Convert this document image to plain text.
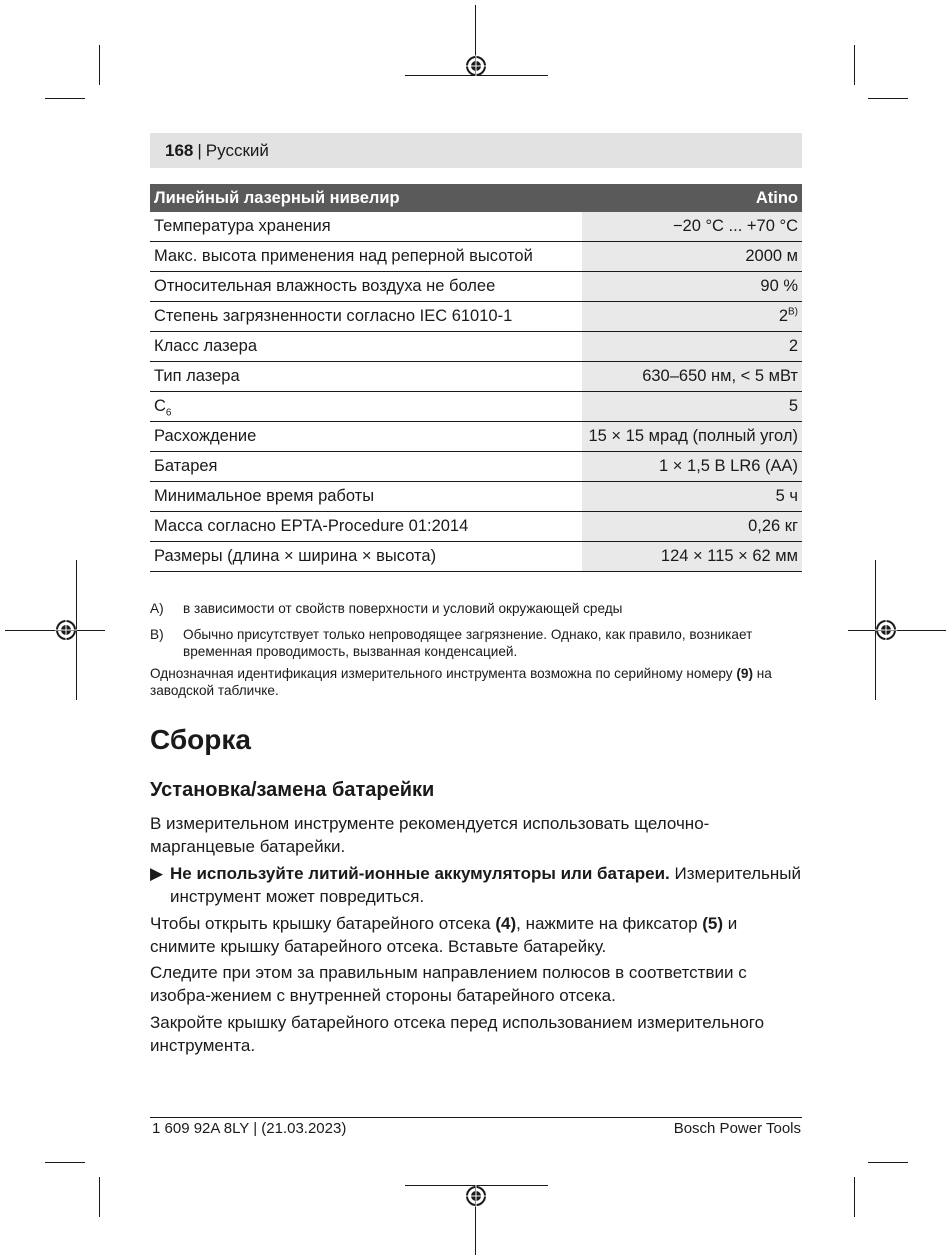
168 | Русский
Линейный лазерный нивелир	Atino
Температура хранения	−20 °C ... +70 °C
Макс. высота применения над реперной высотой	2000 м
Относительная влажность воздуха не более	90 %
Степень загрязненности согласно IEC 61010-1	$2^{B)}$
Класс лазера	2
Тип лазера	630–650 нм, < 5 мВт
$C_6$	5
Расхождение	15 × 15 мрад (полный угол)
Батарея	1 × 1,5 В LR6 (AA)
Минимальное время работы	5 ч
Масса согласно EPTA-Procedure 01:2014	0,26 кг
Размеры (длина × ширина × высота)	124 × 115 × 62 мм
A) в зависимости от свойств поверхности и условий окружающей среды
B) Обычно присутствует только непроводящее загрязнение. Однако, как правило, возникает временная проводимость, вызванная конденсацией.
Однозначная идентификация измерительного инструмента возможна по серийному номеру (9) на заводской табличке.
Сборка
Установка/замена батарейки
В измерительном инструменте рекомендуется использовать щелочно-марганцевые батарейки.
▶ Не используйте литий-ионные аккумуляторы или батареи. Измерительный инструмент может повредиться.
Чтобы открыть крышку батарейного отсека (4), нажмите на фиксатор (5) и снимите крышку батарейного отсека. Вставьте батарейку.
Следите при этом за правильным направлением полюсов в соответствии с изобра-жением с внутренней стороны батарейного отсека.
Закройте крышку батарейного отсека перед использованием измерительного инструмента.
1 609 92A 8LY | (21.03.2023)	Bosch Power Tools
